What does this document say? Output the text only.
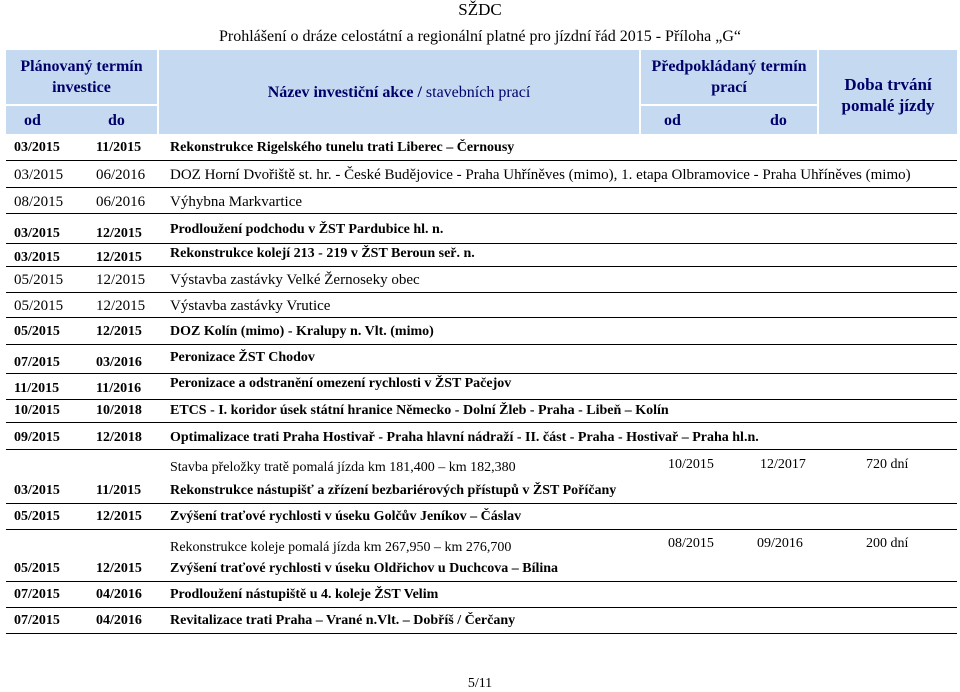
SŽDC
Prohlášení o dráze celostátní a regionální platné pro jízdní řád 2015 - Příloha „G“
Plánovaný termín investice
od	do
Název investiční akce / stavebních prací
Předpokládaný termín prací
od	do
Doba trvání pomalé jízdy
03/2015	11/2015 Rekonstrukce Rigelského tunelu trati Liberec – Černousy
03/2015 06/2016 DOZ Horní Dvořiště st. hr. - České Budějovice - Praha Uhříněves (mimo), 1. etapa Olbramovice - Praha Uhříněves (mimo)
08/2015 06/2016 Výhybna Markvartice
03/2015	12/2015 Prodloužení podchodu v ŽST Pardubice hl. n.
03/2015	12/2015 Rekonstrukce kolejí 213 - 219 v ŽST Beroun seř. n.
05/2015 12/2015 Výstavba zastávky Velké Žernoseky obec
05/2015 12/2015 Výstavba zastávky Vrutice
05/2015	12/2015 DOZ Kolín (mimo) - Kralupy n. Vlt. (mimo)
07/2015	03/2016 Peronizace ŽST Chodov
11/2015	11/2016 Peronizace a odstranění omezení rychlosti v ŽST Pačejov
10/2015	10/2018 ETCS - I. koridor úsek státní hranice Německo - Dolní Žleb - Praha - Libeň – Kolín
09/2015	12/2018 Optimalizace trati Praha Hostivař - Praha hlavní nádraží - II. část - Praha - Hostivař – Praha hl.n.
Stavba přeložky tratě pomalá jízda km 181,400 – km 182,380	10/2015	12/2017	720 dní
03/2015	11/2015 Rekonstrukce nástupišť a zřízení bezbariérových přístupů v ŽST Poříčany
05/2015	12/2015 Zvýšení traťové rychlosti v úseku Golčův Jeníkov – Čáslav
Rekonstrukce koleje pomalá jízda km 267,950 – km 276,700	08/2015	09/2016	200 dní
05/2015	12/2015 Zvýšení traťové rychlosti v úseku Oldřichov u Duchcova – Bílina
07/2015	04/2016 Prodloužení nástupiště u 4. koleje ŽST Velim
07/2015	04/2016 Revitalizace trati Praha – Vrané n.Vlt. – Dobříš / Čerčany
5/11
